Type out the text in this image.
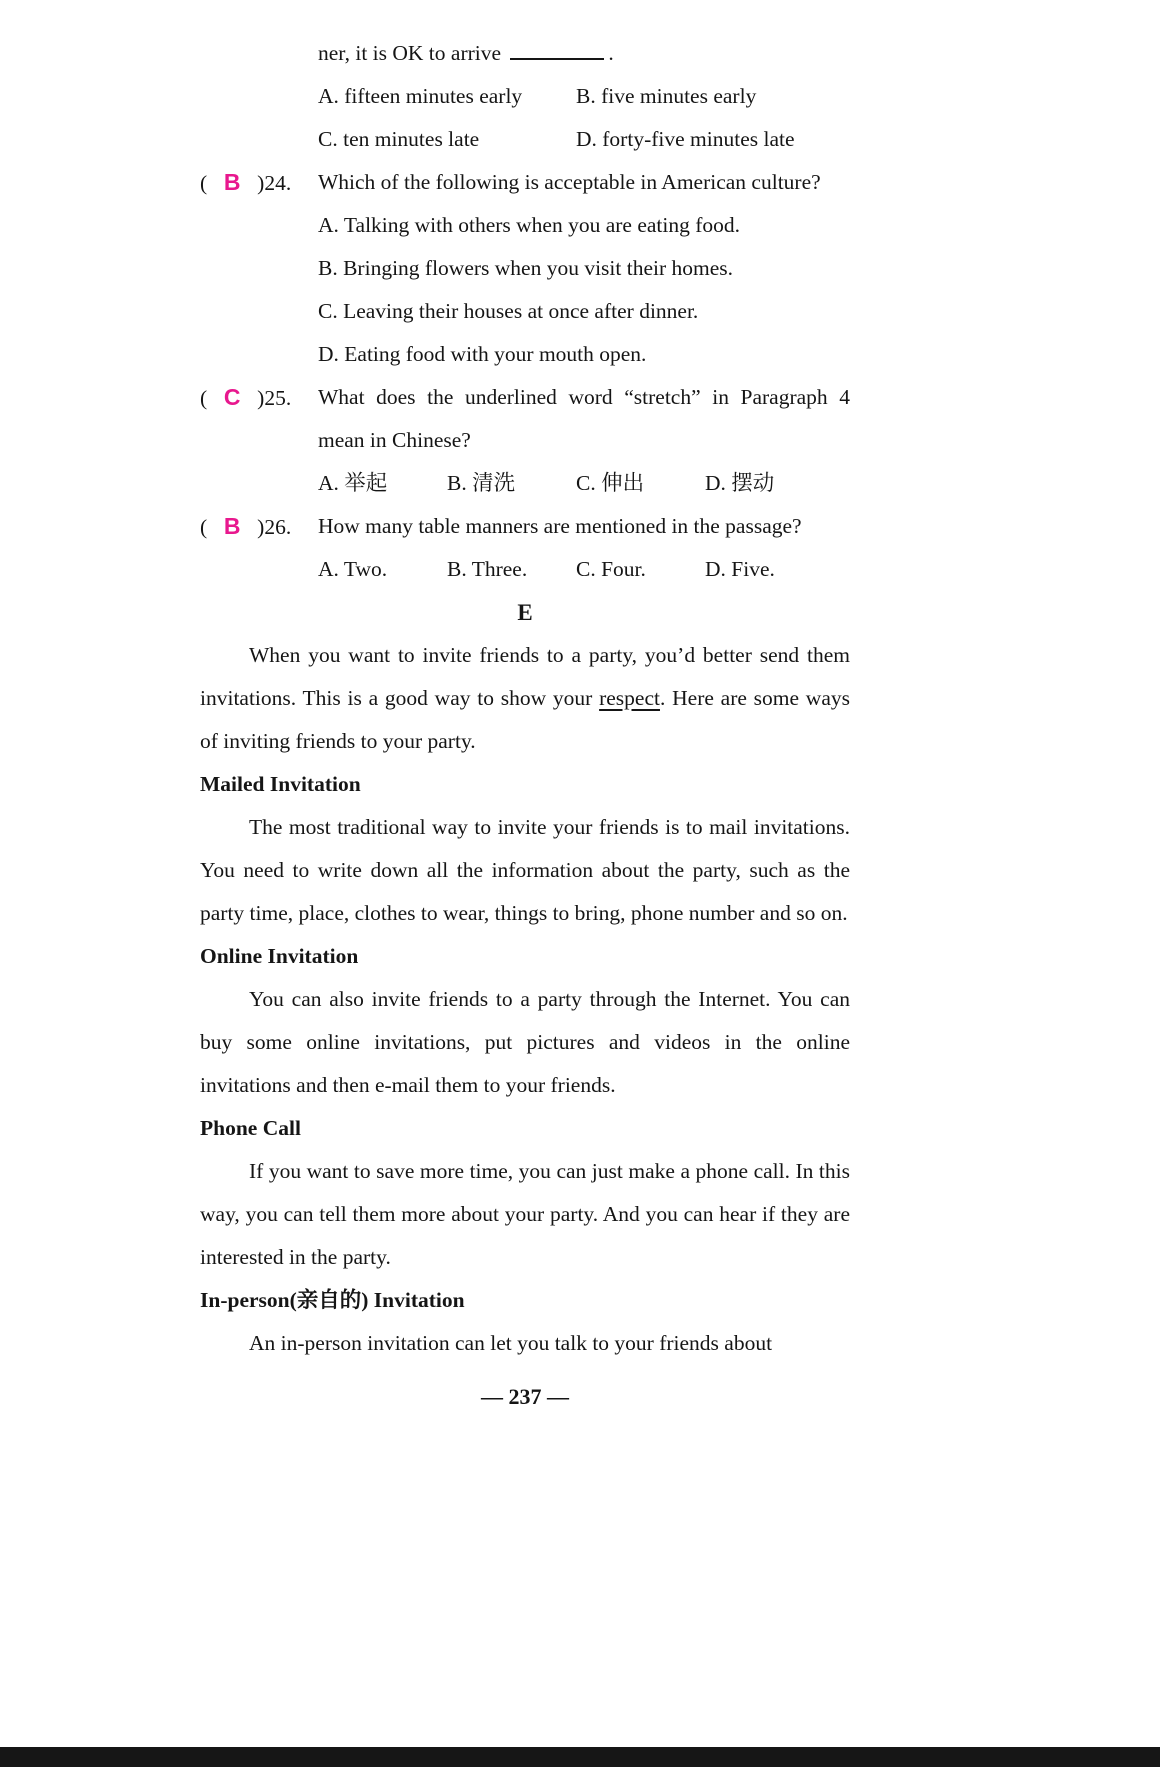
ner, it is OK to arrive	.

A. fifteen minutes early	B. five minutes early
C. ten minutes late	D. forty-five minutes late
( B )24.	Which of the following is acceptable in American culture?

A. Talking with others when you are eating food.
B. Bringing flowers when you visit their homes.
C. Leaving their houses at once after dinner.
D. Eating food with your mouth open.
( C )25.	What does the underlined word “stretch” in Paragraph 4 mean in Chinese?

A. 举起	B. 清洗	C. 伸出	D. 摆动
( B )26.	How many table manners are mentioned in the passage?

A. Two.	B. Three.	C. Four.	D. Five.
E

When you want to invite friends to a party, you’d better send them invitations. This is a good way to show your respect. Here are some ways of inviting friends to your party.

Mailed Invitation

The most traditional way to invite your friends is to mail invitations. You need to write down all the information about the party, such as the party time, place, clothes to wear, things to bring, phone number and so on.

Online Invitation

You can also invite friends to a party through the Internet. You can buy some online invitations, put pictures and videos in the online invitations and then e-mail them to your friends.

Phone Call

If you want to save more time, you can just make a phone call. In this way, you can tell them more about your party. And you can hear if they are interested in the party.

In-person(亲自的) Invitation

An in-person invitation can let you talk to your friends about

— 237 —
